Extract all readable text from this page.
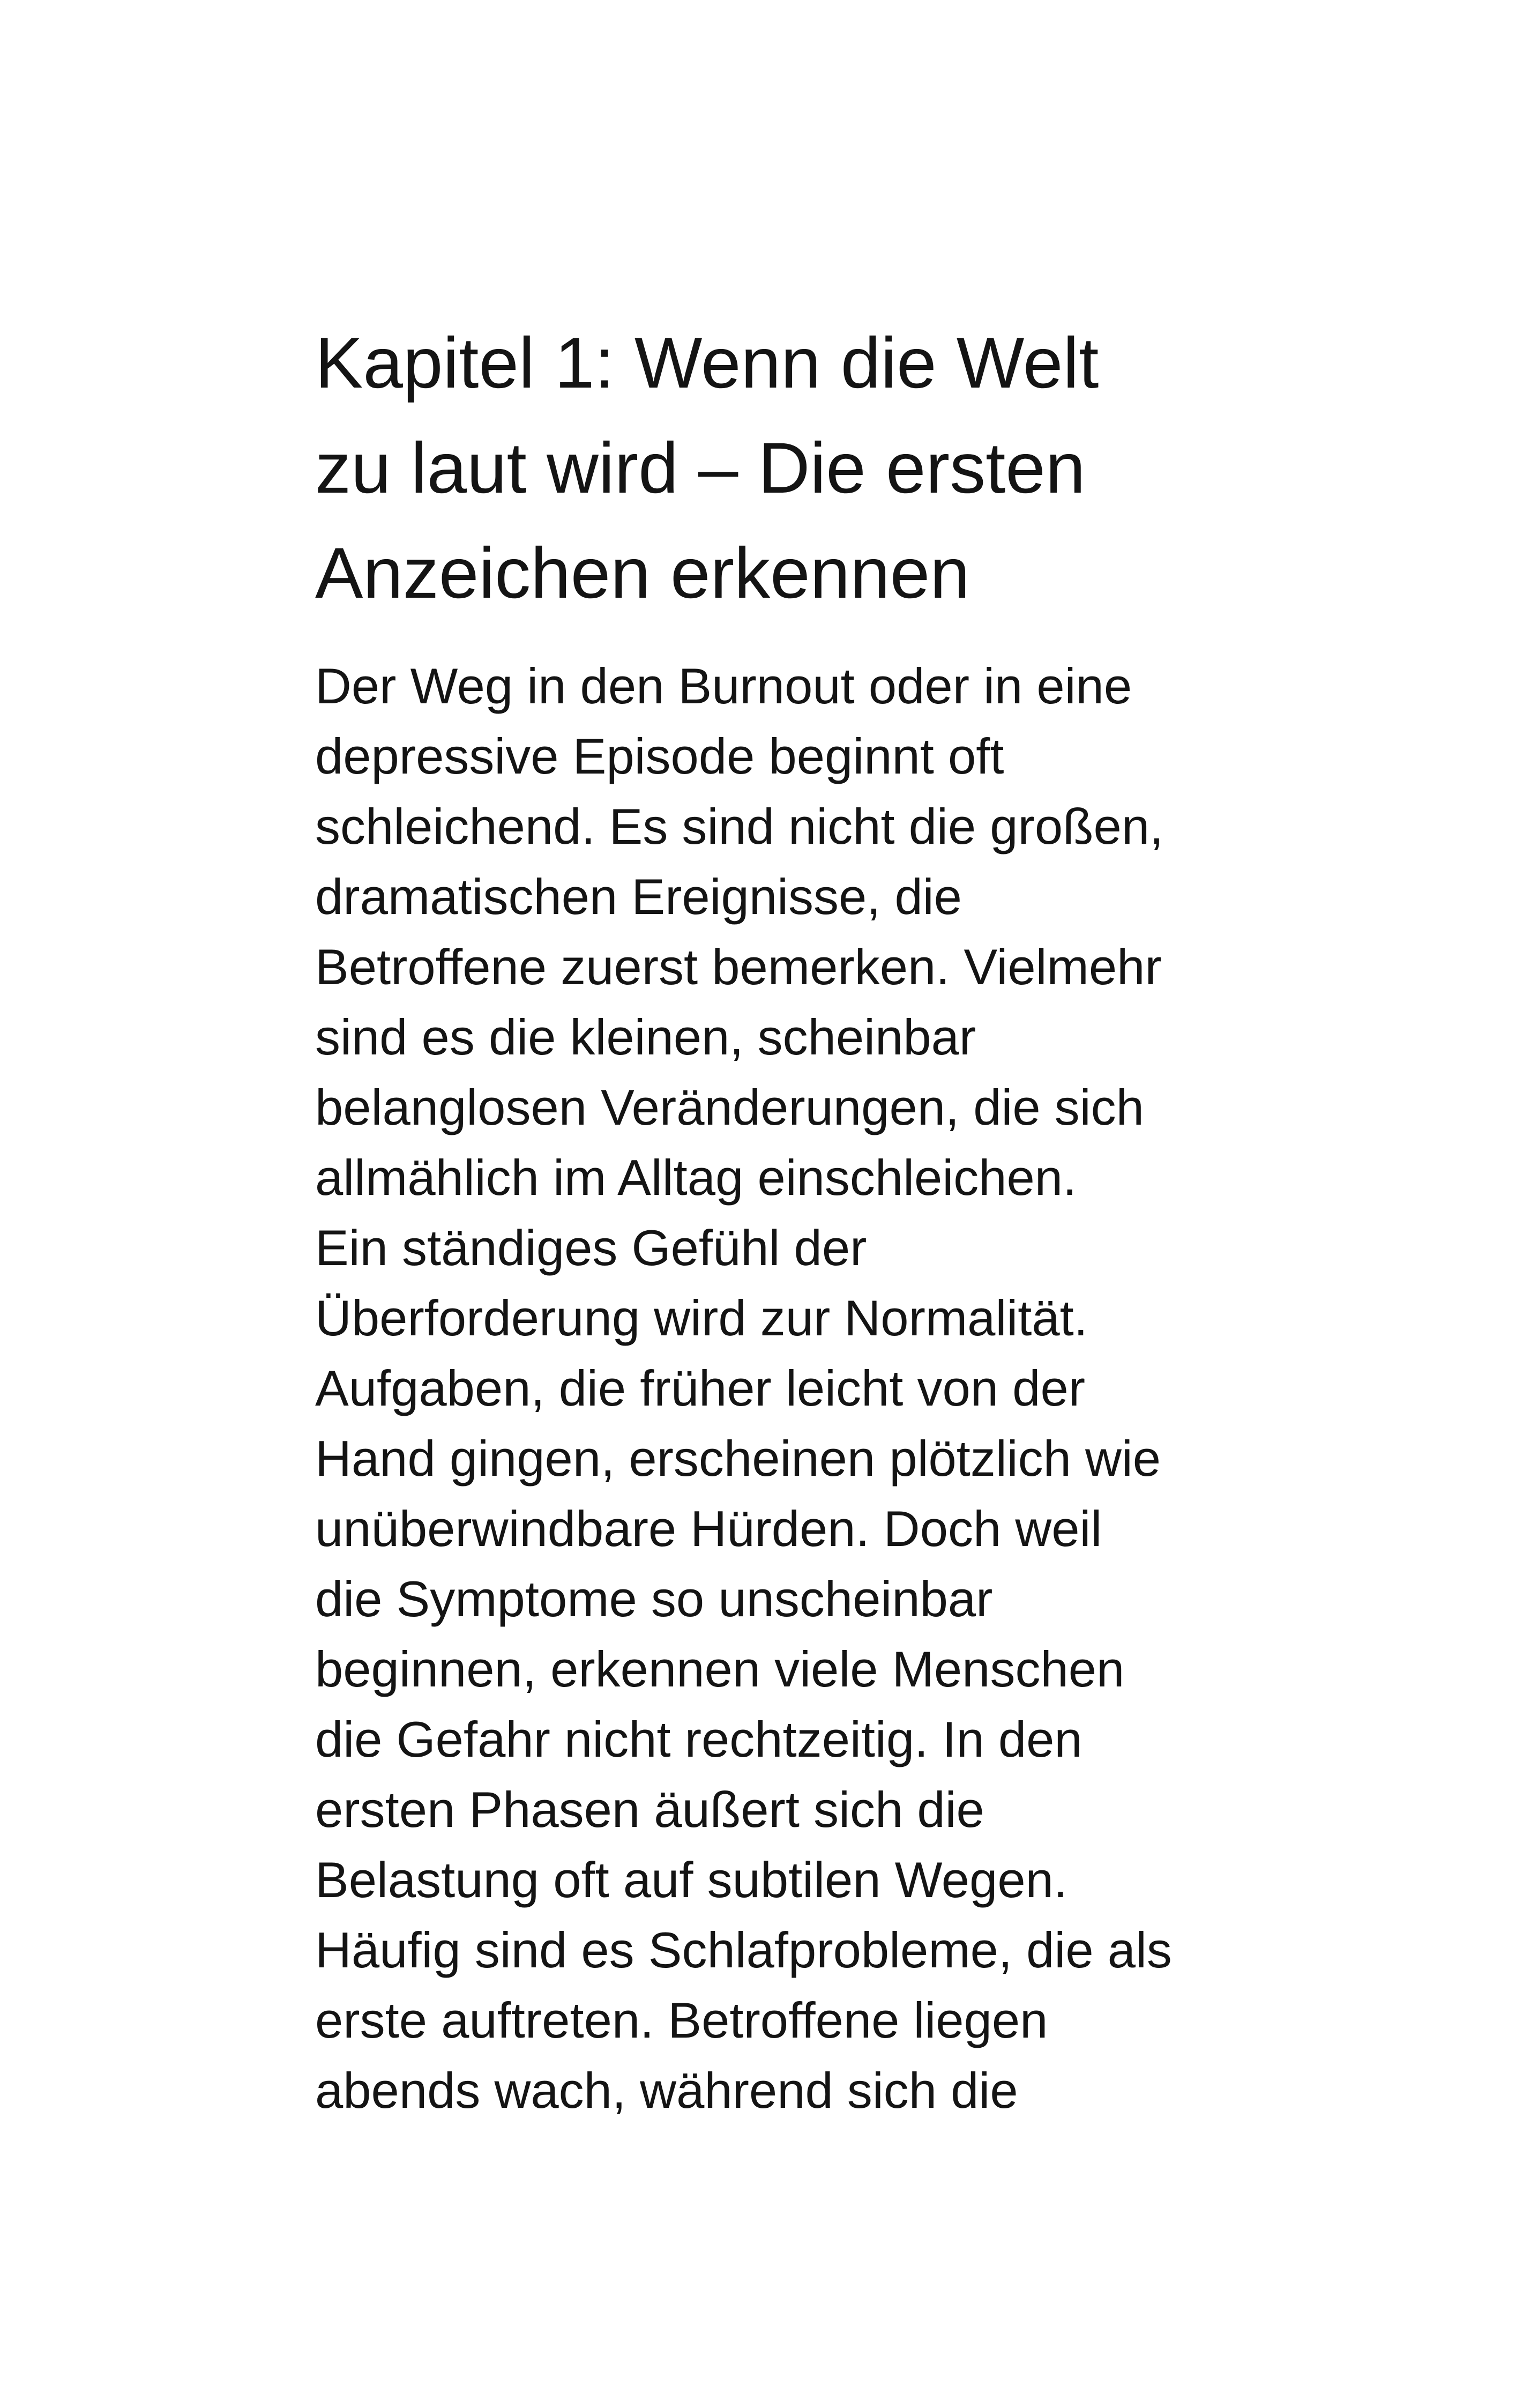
Kapitel 1: Wenn die Welt
zu laut wird – Die ersten
Anzeichen erkennen

Der Weg in den Burnout oder in eine
depressive Episode beginnt oft
schleichend. Es sind nicht die großen,
dramatischen Ereignisse, die
Betroffene zuerst bemerken. Vielmehr
sind es die kleinen, scheinbar
belanglosen Veränderungen, die sich
allmählich im Alltag einschleichen.
Ein ständiges Gefühl der
Überforderung wird zur Normalität.
Aufgaben, die früher leicht von der
Hand gingen, erscheinen plötzlich wie
unüberwindbare Hürden. Doch weil
die Symptome so unscheinbar
beginnen, erkennen viele Menschen
die Gefahr nicht rechtzeitig. In den
ersten Phasen äußert sich die
Belastung oft auf subtilen Wegen.
Häufig sind es Schlafprobleme, die als
erste auftreten. Betroffene liegen
abends wach, während sich die
